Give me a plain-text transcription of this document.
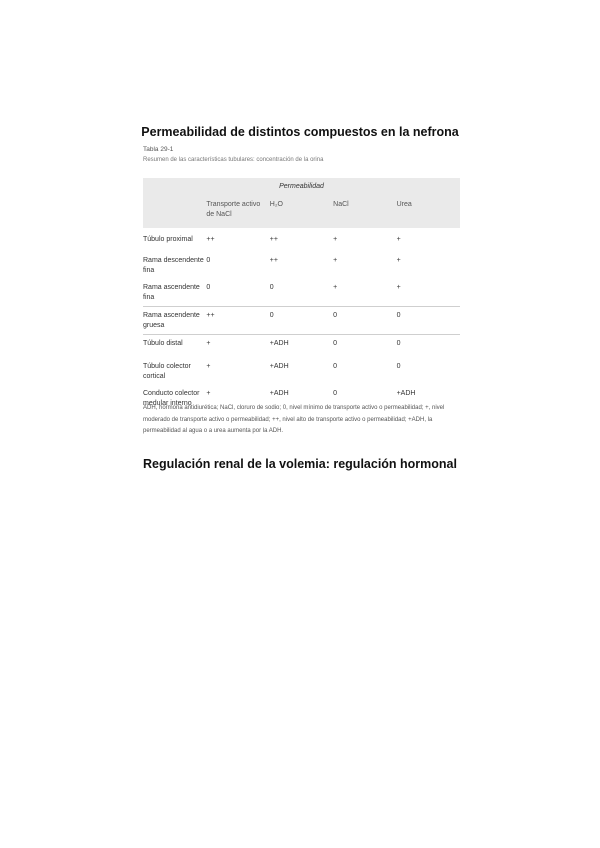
Permeabilidad de distintos compuestos en la nefrona
Tabla 29-1
Resumen de las características tubulares: concentración de la orina
Permeabilidad				
	Transporte activo de NaCl	H₂O	NaCl	Urea
Túbulo proximal	++	++	+	+
Rama descendente fina	0	++	+	+
Rama ascendente fina	0	0	+	+
Rama ascendente gruesa	++	0	0	0
Túbulo distal	+	+ADH	0	0
Túbulo colector cortical	+	+ADH	0	0
Conducto colector medular interno	+	+ADH	0	+ADH
ADH, hormona antidiurética; NaCl, cloruro de sodio; 0, nivel mínimo de transporte activo o permeabilidad; +, nivel moderado de transporte activo o permeabilidad; ++, nivel alto de transporte activo o permeabilidad; +ADH, la permeabilidad al agua o a urea aumenta por la ADH.
Regulación renal de la volemia: regulación hormonal
